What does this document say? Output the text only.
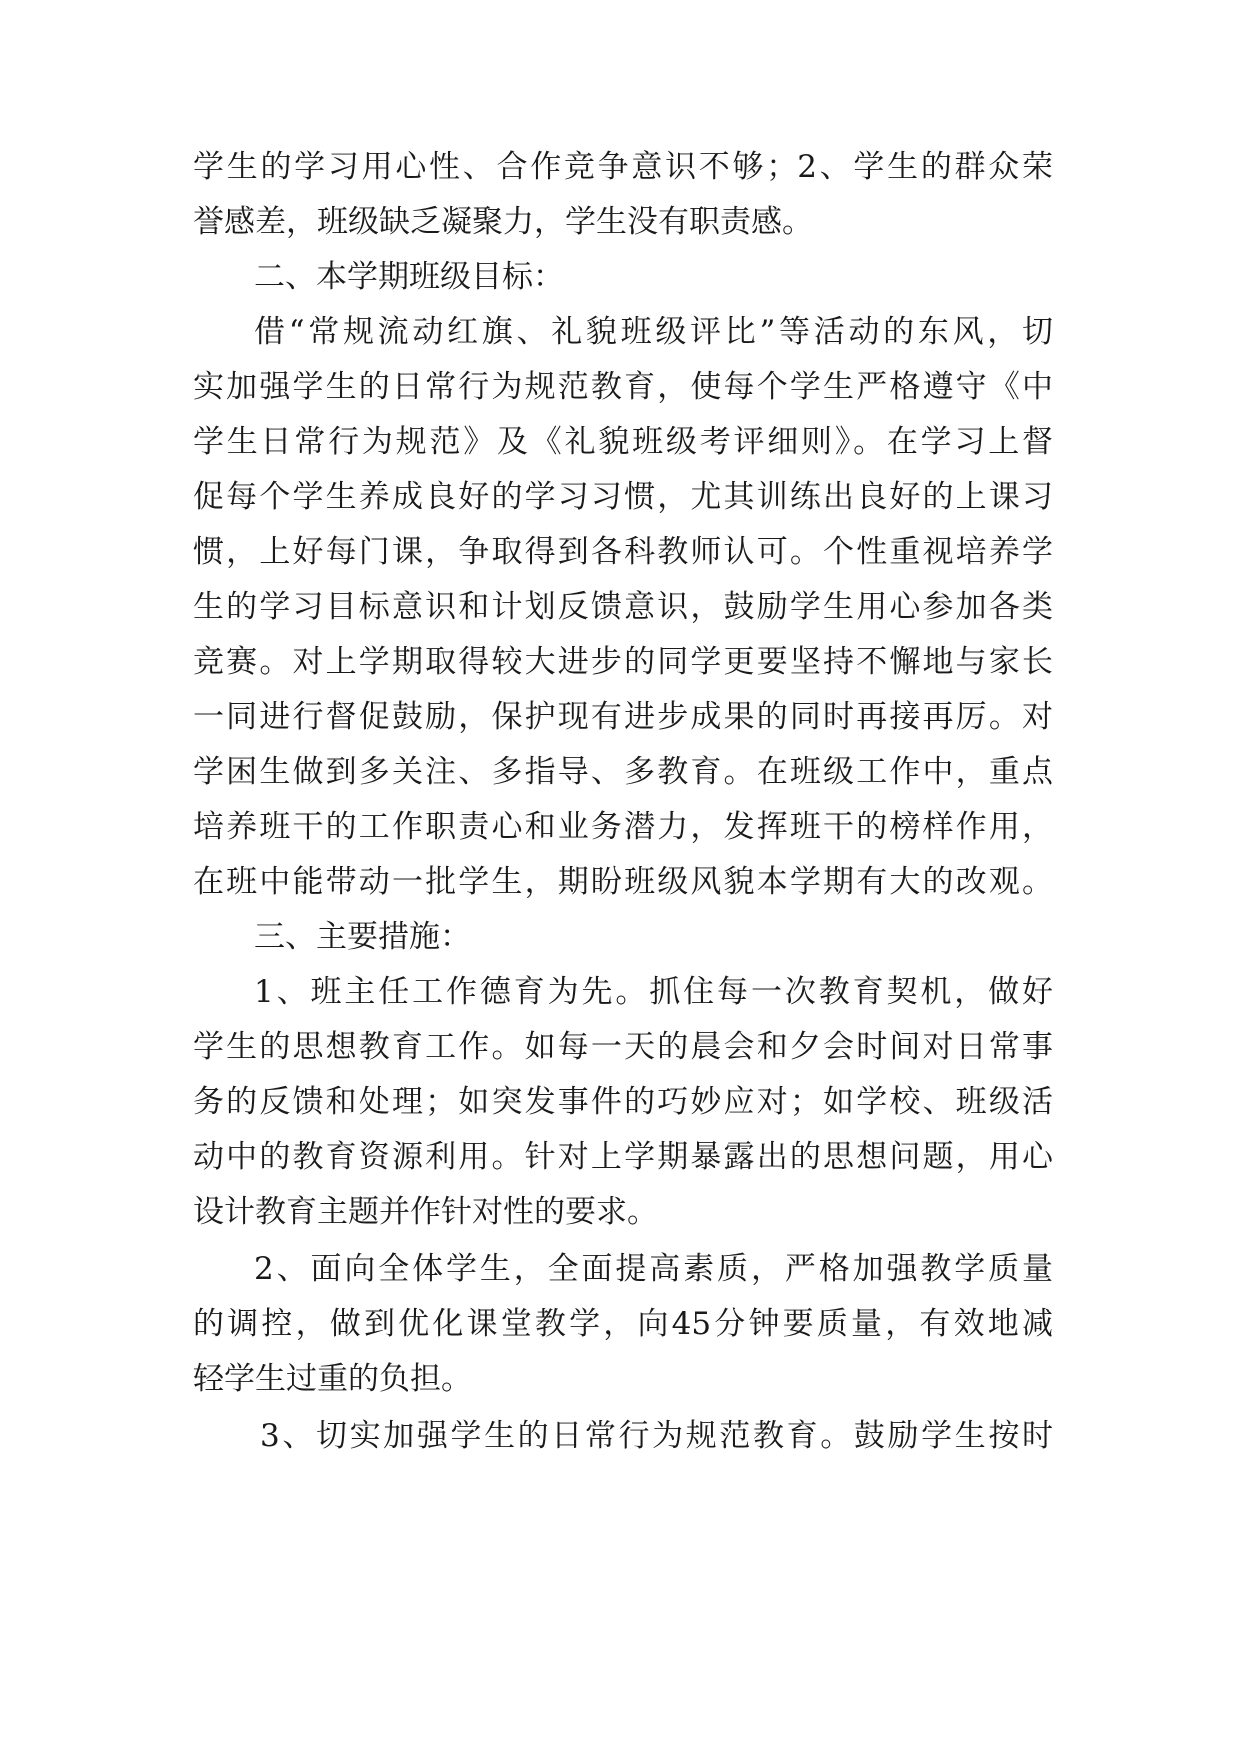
学生的学习用心性、合作竞争意识不够；2、学生的群众荣
誉感差，班级缺乏凝聚力，学生没有职责感。
二、本学期班级目标：
借“常规流动红旗、礼貌班级评比”等活动的东风，切
实加强学生的日常行为规范教育，使每个学生严格遵守《中
学生日常行为规范》及《礼貌班级考评细则》。在学习上督
促每个学生养成良好的学习习惯，尤其训练出良好的上课习
惯，上好每门课，争取得到各科教师认可。个性重视培养学
生的学习目标意识和计划反馈意识，鼓励学生用心参加各类
竞赛。对上学期取得较大进步的同学更要坚持不懈地与家长
一同进行督促鼓励，保护现有进步成果的同时再接再厉。对
学困生做到多关注、多指导、多教育。在班级工作中，重点
培养班干的工作职责心和业务潜力，发挥班干的榜样作用，
在班中能带动一批学生，期盼班级风貌本学期有大的改观。
三、主要措施：
1、班主任工作德育为先。抓住每一次教育契机，做好
学生的思想教育工作。如每一天的晨会和夕会时间对日常事
务的反馈和处理；如突发事件的巧妙应对；如学校、班级活
动中的教育资源利用。针对上学期暴露出的思想问题，用心
设计教育主题并作针对性的要求。
2、面向全体学生，全面提高素质，严格加强教学质量
的调控，做到优化课堂教学，向45分钟要质量，有效地减
轻学生过重的负担。
3、切实加强学生的日常行为规范教育。鼓励学生按时
